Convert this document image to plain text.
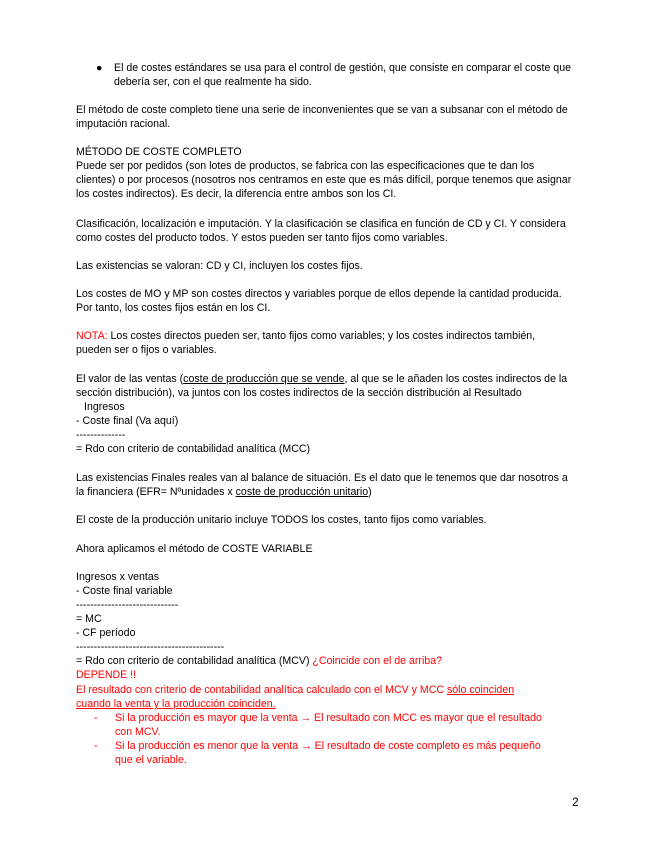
● El de costes estándares se usa para el control de gestión, que consiste en comparar el coste que
debería ser, con el que realmente ha sido.
El método de coste completo tiene una serie de inconvenientes que se van a subsanar con el método de
imputación racional.
MÉTODO DE COSTE COMPLETO
Puede ser por pedidos (son lotes de productos, se fabrica con las especificaciones que te dan los
clientes) o por procesos (nosotros nos centramos en este que es más difícil, porque tenemos que asignar
los costes indirectos). Es decir, la diferencia entre ambos son los CI.
Clasificación, localización e imputación. Y la clasificación se clasifica en función de CD y CI. Y considera
como costes del producto todos. Y estos pueden ser tanto fijos como variables.
Las existencias se valoran: CD y CI, incluyen los costes fijos.
Los costes de MO y MP son costes directos y variables porque de ellos depende la cantidad producida.
Por tanto, los costes fijos están en los CI.
NOTA: Los costes directos pueden ser, tanto fijos como variables; y los costes indirectos también,
pueden ser o fijos o variables.
El valor de las ventas (coste de producción que se vende, al que se le añaden los costes indirectos de la
sección distribución), va juntos con los costes indirectos de la sección distribución al Resultado
Ingresos
- Coste final (Va aquí)
--------------
= Rdo con criterio de contabilidad analítica (MCC)
Las existencias Finales reales van al balance de situación. Es el dato que le tenemos que dar nosotros a
la financiera (EFR= Nºunidades x coste de producción unitario)
El coste de la producción unitario incluye TODOS los costes, tanto fijos como variables.
Ahora aplicamos el método de COSTE VARIABLE
Ingresos x ventas
- Coste final variable
-----------------------------
= MC
- CF período
------------------------------------------
= Rdo con criterio de contabilidad analítica (MCV) ¿Coincide con el de arriba?
DEPENDE !!
El resultado con criterio de contabilidad analítica calculado con el MCV y MCC sólo coinciden
cuando la venta y la producción coinciden.
- Si la producción es mayor que la venta → El resultado con MCC es mayor que el resultado
con MCV.
- Si la producción es menor que la venta → El resultado de coste completo es más pequeño
que el variable.
2
